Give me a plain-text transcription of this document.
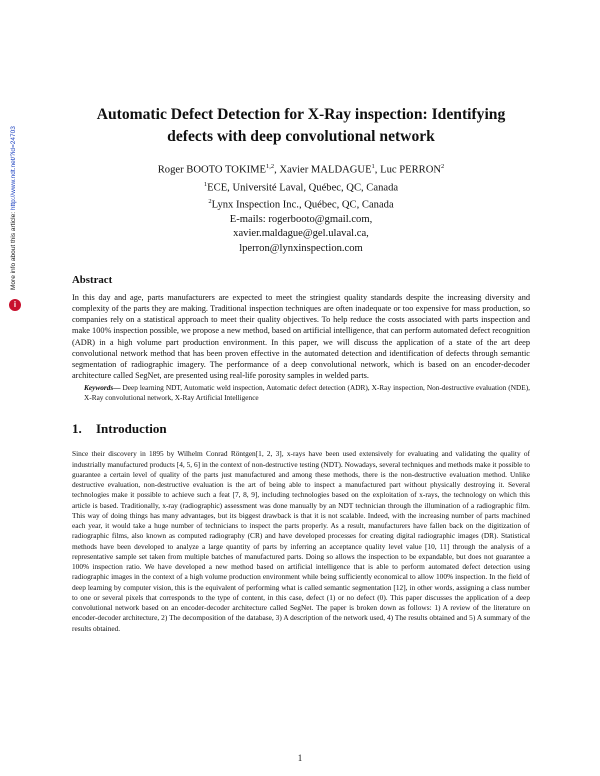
More info about this article: http://www.ndt.net/?id=24703
i
Automatic Defect Detection for X-Ray inspection: Identifying defects with deep convolutional network
Roger BOOTO TOKIME$^{1,2}$, Xavier MALDAGUE$^1$, Luc PERRON$^2$
$^1$ECE, Université Laval, Québec, QC, Canada
$^2$Lynx Inspection Inc., Québec, QC, Canada
E-mails: rogerbooto@gmail.com,
xavier.maldague@gel.ulaval.ca,
lperron@lynxinspection.com
Abstract

In this day and age, parts manufacturers are expected to meet the stringiest quality standards despite the increasing diversity and complexity of the parts they are making. Traditional inspection techniques are often inadequate or too expensive for mass production, so companies rely on a statistical approach to meet their quality objectives. To help reduce the costs associated with parts inspection and make 100% inspection possible, we propose a new method, based on artificial intelligence, that can perform automated defect recognition (ADR) in a high volume part production environment. In this paper, we will discuss the application of a state of the art deep convolutional network method that has been proven effective in the automated detection and identification of defects through semantic segmentation of radiographic imagery. The performance of a deep convolutional network, which is based on an encoder-decoder architecture called SegNet, are presented using real-life porosity samples in welded parts.

Keywords— Deep learning NDT, Automatic weld inspection, Automatic defect detection (ADR), X-Ray inspection, Non-destructive evaluation (NDE), X-Ray convolutional network, X-Ray Artificial Intelligence

1. Introduction

Since their discovery in 1895 by Wilhelm Conrad Röntgen[1, 2, 3], x-rays have been used extensively for evaluating and validating the quality of industrially manufactured products [4, 5, 6] in the context of non-destructive testing (NDT). Nowadays, several techniques and methods make it possible to guarantee a certain level of quality of the parts just manufactured and among these methods, there is the non-destructive evaluation method. Unlike destructive evaluation, non-destructive evaluation is the art of being able to inspect a manufactured part without physically destroying it. Several technologies make it possible to achieve such a feat [7, 8, 9], including technologies based on the exploitation of x-rays, the technology on which this article is based. Traditionally, x-ray (radiographic) assessment was done manually by an NDT technician through the illumination of a radiographic film. This way of doing things has many advantages, but its biggest drawback is that it is not scalable. Indeed, with the increasing number of parts machined each year, it would take a huge number of technicians to inspect the parts properly. As a result, manufacturers have fallen back on the digitization of radiographic films, also known as computed radiography (CR) and have developed processes for creating digital radiographic images (DR). Statistical methods have been developed to analyze a large quantity of parts by inferring an acceptance quality level value [10, 11] through the analysis of a representative sample set taken from multiple batches of manufactured parts. Doing so allows the inspection to be expandable, but does not guarantee a 100% inspection ratio. We have developed a new method based on artificial intelligence that is able to perform automated defect detection using radiographic images in the context of a high volume production environment while being sufficiently economical to allow 100% inspection. In the field of deep learning by computer vision, this is the equivalent of performing what is called semantic segmentation [12], in other words, assigning a class number to one or several pixels that corresponds to the type of content, in this case, defect (1) or no defect (0). This paper discusses the application of a deep convolutional network based on an encoder-decoder architecture called SegNet. The paper is broken down as follows: 1) A review of the literature on encoder-decoder architecture, 2) The decomposition of the database, 3) A description of the network used, 4) The results obtained and 5) A summary of the results obtained.

1
